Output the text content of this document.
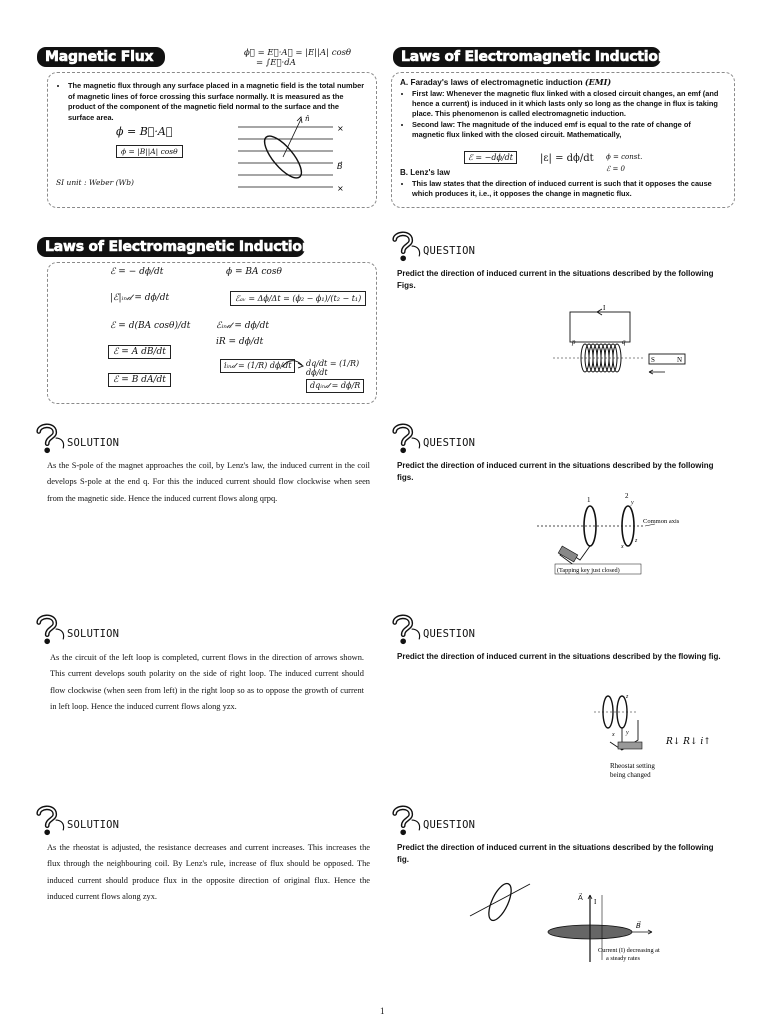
Magnetic Flux	ϕ꜀ = E⃗·A⃗ = |E||A| cosθ
= ∫E⃗·dA
• The magnetic flux through any surface placed in a magnetic field is the total number of magnetic lines of force crossing this surface normally. It is measured as the product of the component of the magnetic field normal to the surface and the surface area.
ϕ = B⃗·A⃗
ϕ = |B||A| cosθ
SI unit : Weber (Wb)
×
×
n̂
B⃗
Laws of Electromagnetic Induction
A. Faraday's laws of electromagnetic induction (EMI)
• First law: Whenever the magnetic flux linked with a closed circuit changes, an emf (and hence a current) is induced in it which lasts only so long as the change in flux is taking place. This phenomenon is called electromagnetic induction.
• Second law: The magnitude of the induced emf is equal to the rate of change of magnetic flux linked with the closed circuit. Mathematically,
ℰ = −dϕ/dt	|ε| = dϕ/dt ϕ = const.
ℰ = 0
B. Lenz's law
• This law states that the direction of induced current is such that it opposes the cause which produces it, i.e., it opposes the change in magnetic flux.
Laws of Electromagnetic Induction
ℰ = − dϕ/dt	ϕ = BA cosθ
|ℰ|ᵢₙ𝒹 = dϕ/dt	ℰₐᵥ = Δϕ/Δt = (ϕ₂ − ϕ₁)/(t₂ − t₁)
ℰ = d(BA cosθ)/dt	ℰᵢₙ𝒹 = dϕ/dt
iR = dϕ/dt
ℰ = A dB/dt
iᵢₙ𝒹 = (1/R) dϕ/dt	dq/dt = (1/R) dϕ/dt
ℰ = B dA/dt
dqᵢₙ𝒹 = dϕ/R
QUESTION
Predict the direction of induced current in the situations described by the following Figs.
I
p	q
S	N
SOLUTION
As the S-pole of the magnet approaches the coil, by Lenz's law, the induced current in the coil develops S-pole at the end q. For this the induced current should flow clockwise when seen from the magnetic side. Hence the induced current flows along qrpq.
QUESTION
Predict the direction of induced current in the situations described by the following figs.
1	2
Common axis
(Tapping key just closed)
y
z
x
SOLUTION
As the circuit of the left loop is completed, current flows in the direction of arrows shown. This current develops south polarity on the side of right loop. The induced current should flow clockwise (when seen from left) in the right loop so as to oppose the growth of current in left loop. Hence the induced current flows along yzx.
QUESTION
Predict the direction of induced current in the situations described by the flowing fig.
z
y
x
Rheostat setting
being changed
R↓ R↓ i↑
SOLUTION
As the rheostat is adjusted, the resistance decreases and current increases. This increases the flux through the neighbouring coil. By Lenz's rule, increase of flux should be opposed. The induced current should produce flux in the opposite direction of original flux. Hence the induced current flows along zyx.
QUESTION
Predict the direction of induced current in the situations described by the following fig.
A⃗ I
B⃗
Current (I) decreasing at
a steady rates
1
